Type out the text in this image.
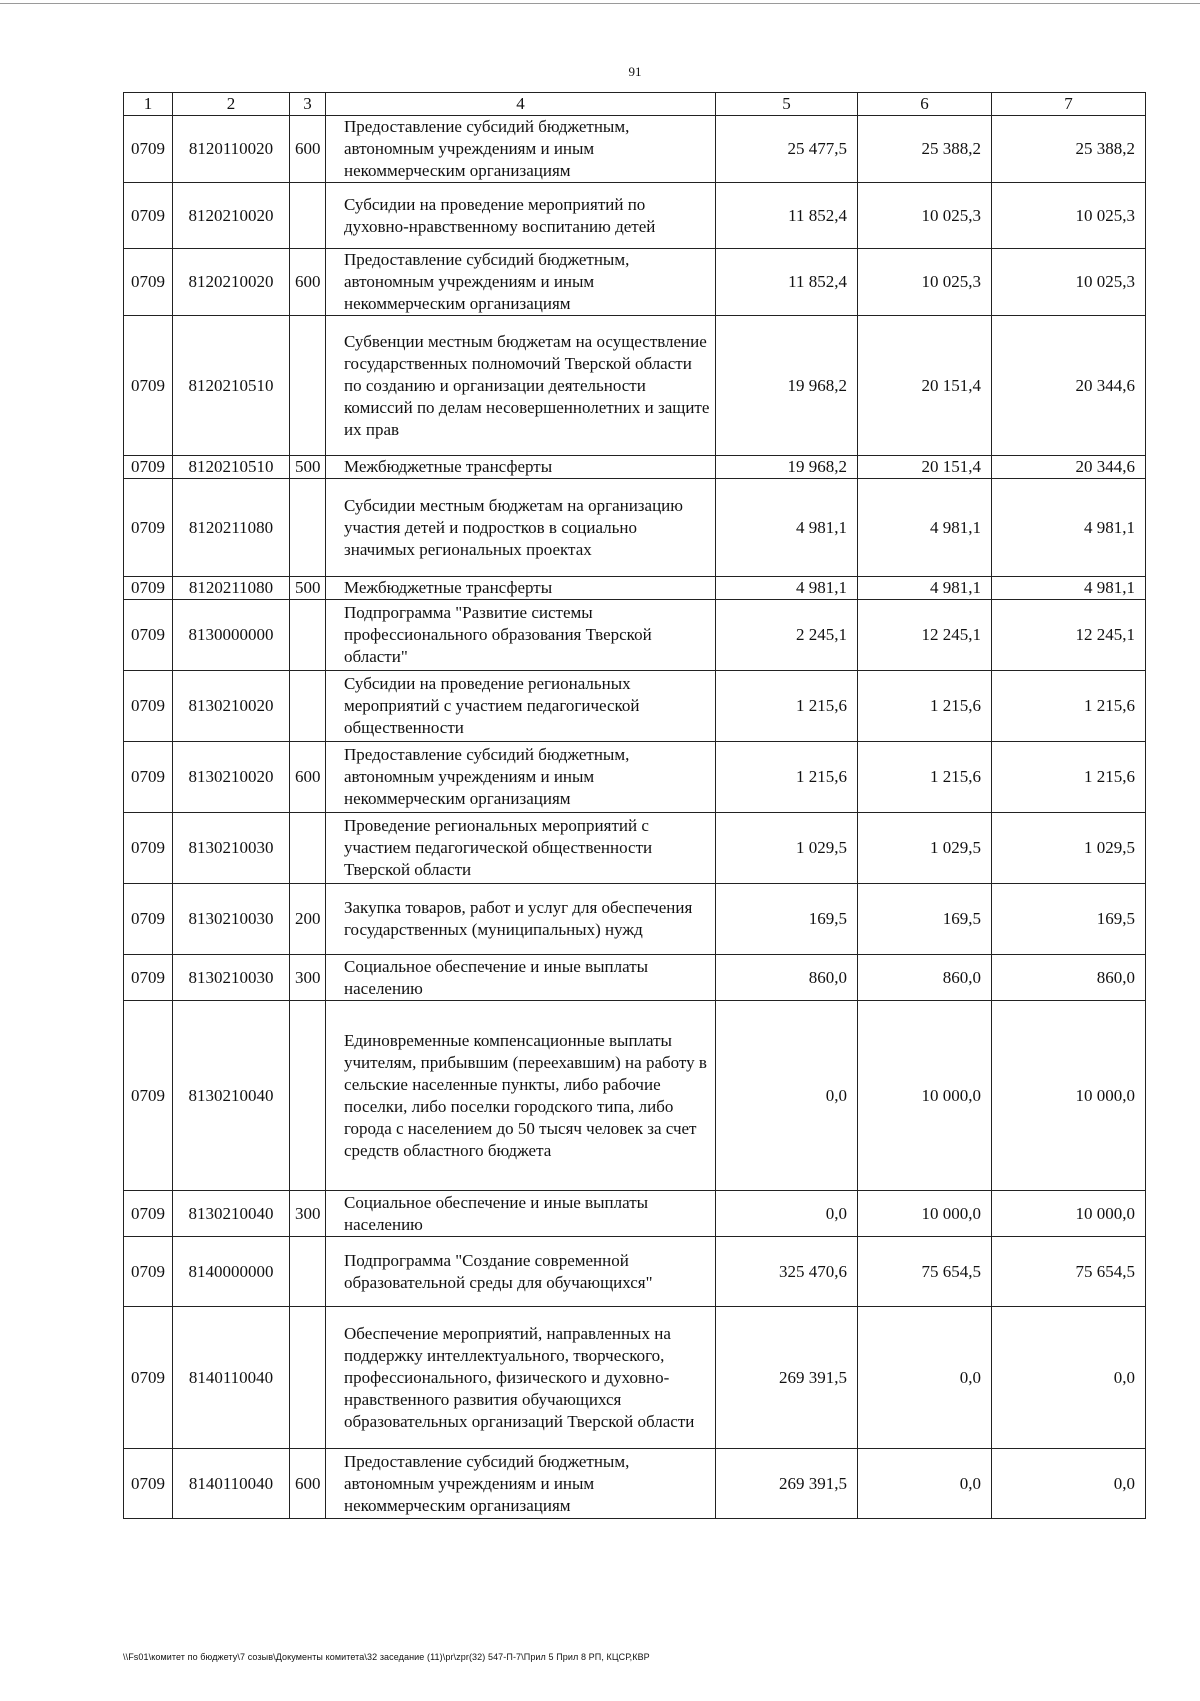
91
1	2	3	4	5	6	7
0709	8120110020	600	Предоставление субсидий бюджетным, автономным учреждениям и иным некоммерческим организациям	25 477,5	25 388,2	25 388,2
0709	8120210020		Субсидии на проведение мероприятий по духовно-нравственному воспитанию детей	11 852,4	10 025,3	10 025,3
0709	8120210020	600	Предоставление субсидий бюджетным, автономным учреждениям и иным некоммерческим организациям	11 852,4	10 025,3	10 025,3
0709	8120210510		Субвенции местным бюджетам на осуществление государственных полномочий Тверской области по созданию и организации деятельности комиссий по делам несовершеннолетних и защите их прав	19 968,2	20 151,4	20 344,6
0709	8120210510	500	Межбюджетные трансферты	19 968,2	20 151,4	20 344,6
0709	8120211080		Субсидии местным бюджетам на организацию участия детей и подростков в социально значимых региональных проектах	4 981,1	4 981,1	4 981,1
0709	8120211080	500	Межбюджетные трансферты	4 981,1	4 981,1	4 981,1
0709	8130000000		Подпрограмма "Развитие системы профессионального образования Тверской области"	2 245,1	12 245,1	12 245,1
0709	8130210020		Субсидии на проведение региональных мероприятий с участием педагогической общественности	1 215,6	1 215,6	1 215,6
0709	8130210020	600	Предоставление субсидий бюджетным, автономным учреждениям и иным некоммерческим организациям	1 215,6	1 215,6	1 215,6
0709	8130210030		Проведение региональных мероприятий с участием педагогической общественности Тверской области	1 029,5	1 029,5	1 029,5
0709	8130210030	200	Закупка товаров, работ и услуг для обеспечения государственных (муниципальных) нужд	169,5	169,5	169,5
0709	8130210030	300	Социальное обеспечение и иные выплаты населению	860,0	860,0	860,0
0709	8130210040		Единовременные компенсационные выплаты учителям, прибывшим (переехавшим) на работу в сельские населенные пункты, либо рабочие поселки, либо поселки городского типа, либо города с населением до 50 тысяч человек за счет средств областного бюджета	0,0	10 000,0	10 000,0
0709	8130210040	300	Социальное обеспечение и иные выплаты населению	0,0	10 000,0	10 000,0
0709	8140000000		Подпрограмма "Создание современной образовательной среды для обучающихся"	325 470,6	75 654,5	75 654,5
0709	8140110040		Обеспечение мероприятий, направленных на поддержку интеллектуального, творческого, профессионального, физического и духовно-нравственного развития обучающихся образовательных организаций Тверской области	269 391,5	0,0	0,0
0709	8140110040	600	Предоставление субсидий бюджетным, автономным учреждениям и иным некоммерческим организациям	269 391,5	0,0	0,0
\\Fs01\комитет по бюджету\7 созыв\Документы комитета\32 заседание (11)\pr\zpr(32) 547-П-7\Прил 5 Прил 8 РП, КЦСР,КВР
